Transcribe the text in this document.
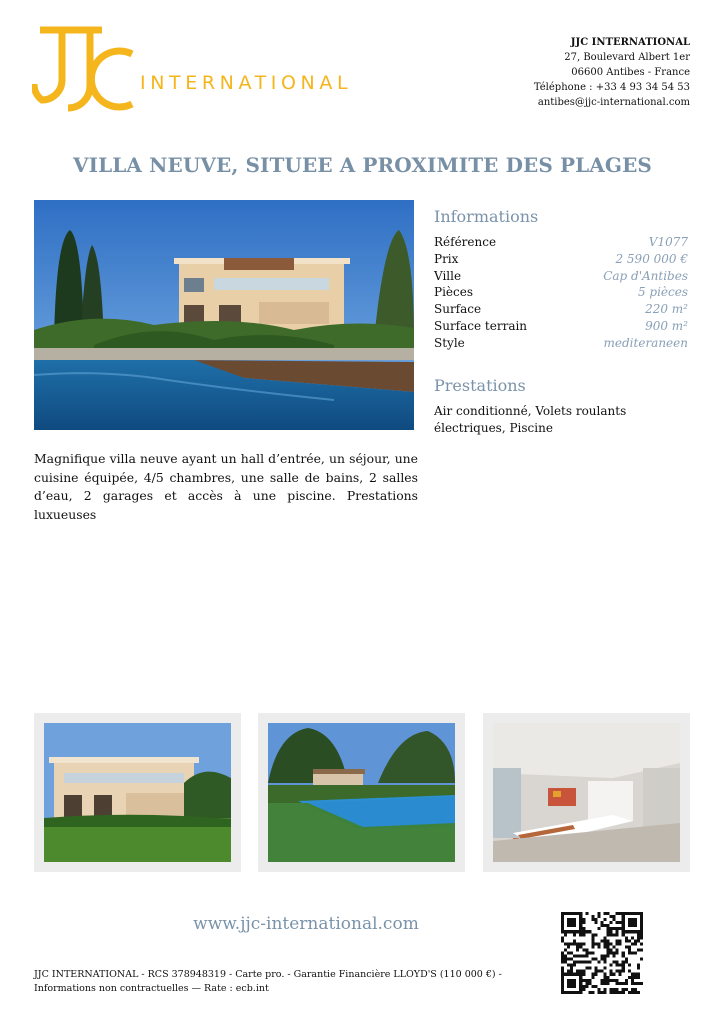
INTERNATIONAL
JJC INTERNATIONAL
27, Boulevard Albert 1er
06600 Antibes - France
Téléphone : +33 4 93 34 54 53
antibes@jjc-international.com
VILLA NEUVE, SITUEE A PROXIMITE DES PLAGES
Informations
Référence	V1077
Prix	2 590 000 €
Ville	Cap d'Antibes
Pièces	5 pièces
Surface	220 m²
Surface terrain	900 m²
Style	mediteraneen
Prestations
Air conditionné, Volets roulants électriques, Piscine
Magnifique villa neuve ayant un hall d’entrée, un séjour, une cuisine équipée, 4/5 chambres, une salle de bains, 2 salles d’eau, 2 garages et accès à une piscine. Prestations luxueuses
www.jjc-international.com
JJC INTERNATIONAL - RCS 378948319 - Carte pro. - Garantie Financière LLOYD'S (110 000 €) -
Informations non contractuelles — Rate : ecb.int
